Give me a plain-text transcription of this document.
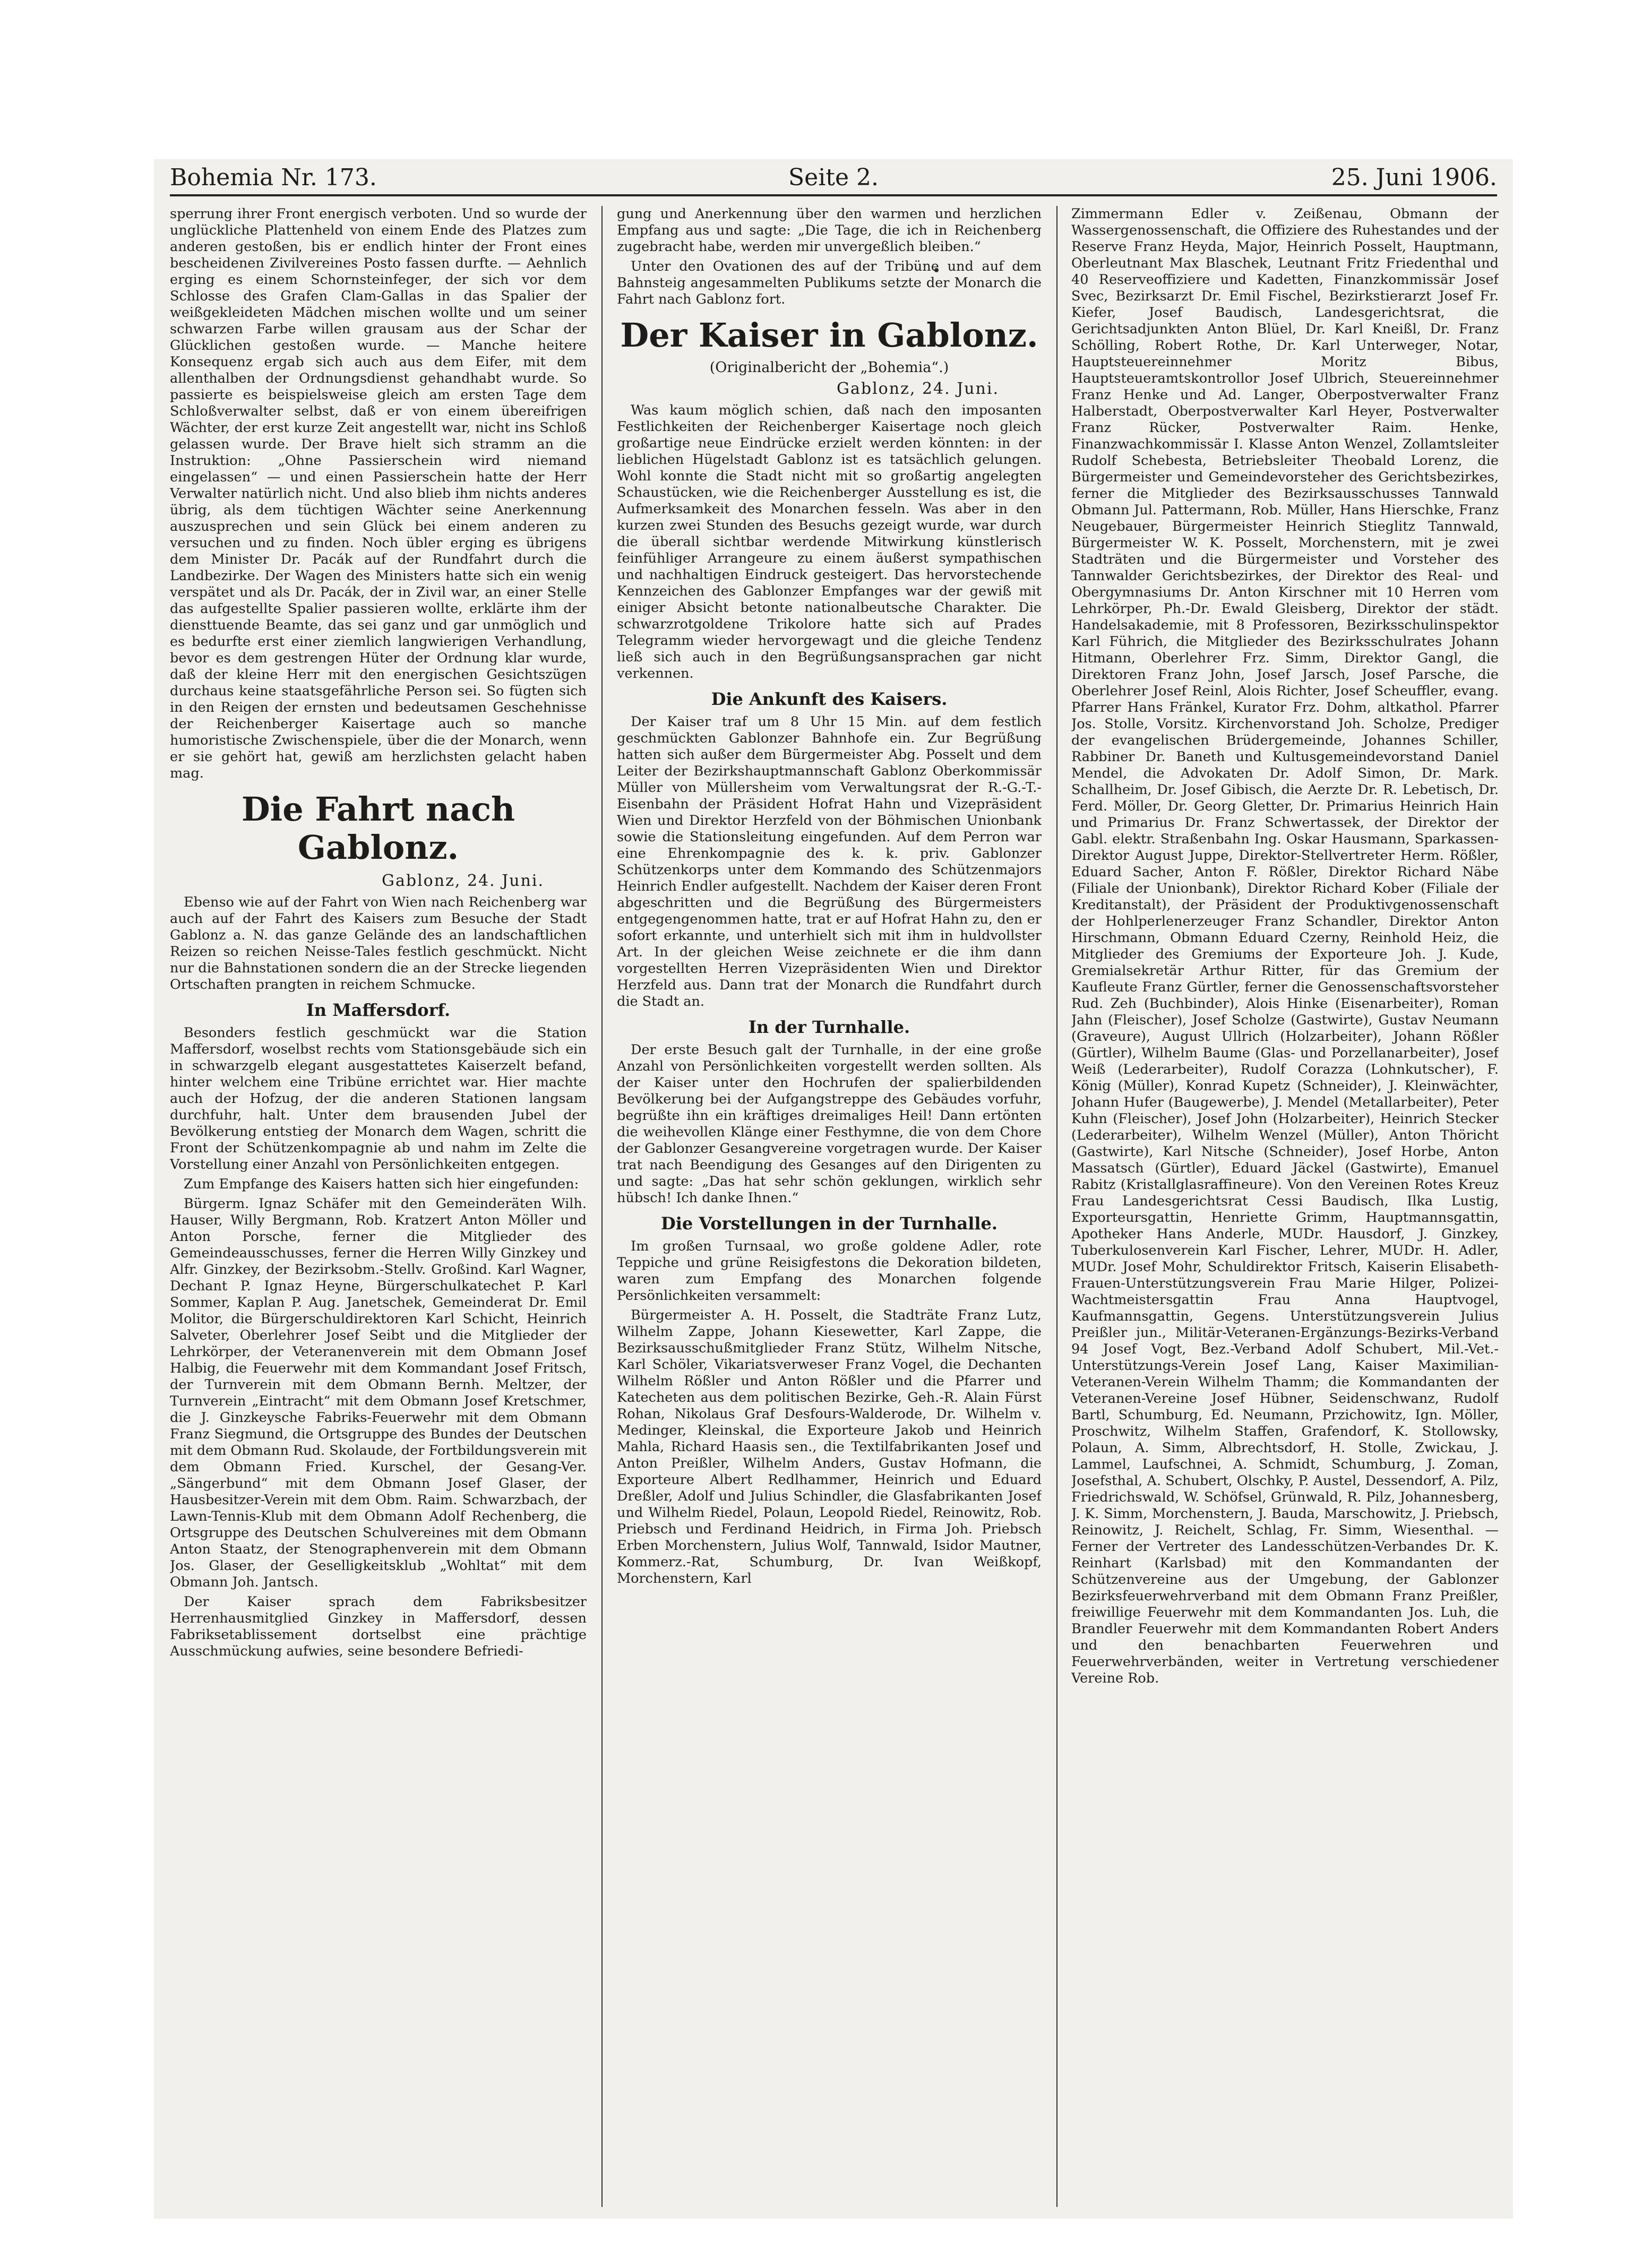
Bohemia Nr. 173.	Seite 2.	25. Juni 1906.

sperrung ihrer Front energisch verboten. Und so wurde der unglückliche Plattenheld von einem Ende des Platzes zum anderen gestoßen, bis er endlich hinter der Front eines bescheidenen Zivilvereines Posto fassen durfte. — Aehnlich erging es einem Schornsteinfeger, der sich vor dem Schlosse des Grafen Clam-Gallas in das Spalier der weißgekleideten Mädchen mischen wollte und um seiner schwarzen Farbe willen grausam aus der Schar der Glücklichen gestoßen wurde. — Manche heitere Konsequenz ergab sich auch aus dem Eifer, mit dem allenthalben der Ordnungsdienst gehandhabt wurde. So passierte es beispielsweise gleich am ersten Tage dem Schloßverwalter selbst, daß er von einem übereifrigen Wächter, der erst kurze Zeit angestellt war, nicht ins Schloß gelassen wurde. Der Brave hielt sich stramm an die Instruktion: „Ohne Passierschein wird niemand eingelassen“ — und einen Passierschein hatte der Herr Verwalter natürlich nicht. Und also blieb ihm nichts anderes übrig, als dem tüchtigen Wächter seine Anerkennung auszusprechen und sein Glück bei einem anderen zu versuchen und zu finden. Noch übler erging es übrigens dem Minister Dr. Pacák auf der Rundfahrt durch die Landbezirke. Der Wagen des Ministers hatte sich ein wenig verspätet und als Dr. Pacák, der in Zivil war, an einer Stelle das aufgestellte Spalier passieren wollte, erklärte ihm der diensttuende Beamte, das sei ganz und gar unmöglich und es bedurfte erst einer ziemlich langwierigen Verhandlung, bevor es dem gestrengen Hüter der Ordnung klar wurde, daß der kleine Herr mit den energischen Gesichtszügen durchaus keine staatsgefährliche Person sei. So fügten sich in den Reigen der ernsten und bedeutsamen Geschehnisse der Reichenberger Kaisertage auch so manche humoristische Zwischenspiele, über die der Monarch, wenn er sie gehört hat, gewiß am herzlichsten gelacht haben mag.

Die Fahrt nach Gablonz.
Gablonz, 24. Juni.

Ebenso wie auf der Fahrt von Wien nach Reichenberg war auch auf der Fahrt des Kaisers zum Besuche der Stadt Gablonz a. N. das ganze Gelände des an landschaftlichen Reizen so reichen Neisse-Tales festlich geschmückt. Nicht nur die Bahnstationen sondern die an der Strecke liegenden Ortschaften prangten in reichem Schmucke.

In Maffersdorf.

Besonders festlich geschmückt war die Station Maffersdorf, woselbst rechts vom Stationsgebäude sich ein in schwarzgelb elegant ausgestattetes Kaiserzelt befand, hinter welchem eine Tribüne errichtet war. Hier machte auch der Hofzug, der die anderen Stationen langsam durchfuhr, halt. Unter dem brausenden Jubel der Bevölkerung entstieg der Monarch dem Wagen, schritt die Front der Schützenkompagnie ab und nahm im Zelte die Vorstellung einer Anzahl von Persönlichkeiten entgegen.

Zum Empfange des Kaisers hatten sich hier eingefunden:

Bürgerm. Ignaz Schäfer mit den Gemeinderäten Wilh. Hauser, Willy Bergmann, Rob. Kratzert Anton Möller und Anton Porsche, ferner die Mitglieder des Gemeindeausschusses, ferner die Herren Willy Ginzkey und Alfr. Ginzkey, der Bezirksobm.-Stellv. Großind. Karl Wagner, Dechant P. Ignaz Heyne, Bürgerschulkatechet P. Karl Sommer, Kaplan P. Aug. Janetschek, Gemeinderat Dr. Emil Molitor, die Bürgerschuldirektoren Karl Schicht, Heinrich Salveter, Oberlehrer Josef Seibt und die Mitglieder der Lehrkörper, der Veteranenverein mit dem Obmann Josef Halbig, die Feuerwehr mit dem Kommandant Josef Fritsch, der Turnverein mit dem Obmann Bernh. Meltzer, der Turnverein „Eintracht“ mit dem Obmann Josef Kretschmer, die J. Ginzkeysche Fabriks-Feuerwehr mit dem Obmann Franz Siegmund, die Ortsgruppe des Bundes der Deutschen mit dem Obmann Rud. Skolaude, der Fortbildungsverein mit dem Obmann Fried. Kurschel, der Gesang-Ver. „Sängerbund“ mit dem Obmann Josef Glaser, der Hausbesitzer-Verein mit dem Obm. Raim. Schwarzbach, der Lawn-Tennis-Klub mit dem Obmann Adolf Rechenberg, die Ortsgruppe des Deutschen Schulvereines mit dem Obmann Anton Staatz, der Stenographenverein mit dem Obmann Jos. Glaser, der Geselligkeitsklub „Wohltat“ mit dem Obmann Joh. Jantsch.

Der Kaiser sprach dem Fabriksbesitzer Herrenhausmitglied Ginzkey in Maffersdorf, dessen Fabriksetablissement dortselbst eine prächtige Ausschmückung aufwies, seine besondere Befriedi-

gung und Anerkennung über den warmen und herzlichen Empfang aus und sagte: „Die Tage, die ich in Reichenberg zugebracht habe, werden mir unvergeßlich bleiben.“

Unter den Ovationen des auf der Tribüne und auf dem Bahnsteig angesammelten Publikums setzte der Monarch die Fahrt nach Gablonz fort.

Der Kaiser in Gablonz.
(Originalbericht der „Bohemia“.)
Gablonz, 24. Juni.

Was kaum möglich schien, daß nach den imposanten Festlichkeiten der Reichenberger Kaisertage noch gleich großartige neue Eindrücke erzielt werden könnten: in der lieblichen Hügelstadt Gablonz ist es tatsächlich gelungen. Wohl konnte die Stadt nicht mit so großartig angelegten Schaustücken, wie die Reichenberger Ausstellung es ist, die Aufmerksamkeit des Monarchen fesseln. Was aber in den kurzen zwei Stunden des Besuchs gezeigt wurde, war durch die überall sichtbar werdende Mitwirkung künstlerisch feinfühliger Arrangeure zu einem äußerst sympathischen und nachhaltigen Eindruck gesteigert. Das hervorstechende Kennzeichen des Gablonzer Empfanges war der gewiß mit einiger Absicht betonte nationalbeutsche Charakter. Die schwarzrotgoldene Trikolore hatte sich auf Prades Telegramm wieder hervorgewagt und die gleiche Tendenz ließ sich auch in den Begrüßungsansprachen gar nicht verkennen.

Die Ankunft des Kaisers.

Der Kaiser traf um 8 Uhr 15 Min. auf dem festlich geschmückten Gablonzer Bahnhofe ein. Zur Begrüßung hatten sich außer dem Bürgermeister Abg. Posselt und dem Leiter der Bezirkshauptmannschaft Gablonz Oberkommissär Müller von Müllersheim vom Verwaltungsrat der R.-G.-T.-Eisenbahn der Präsident Hofrat Hahn und Vizepräsident Wien und Direktor Herzfeld von der Böhmischen Unionbank sowie die Stationsleitung eingefunden. Auf dem Perron war eine Ehrenkompagnie des k. k. priv. Gablonzer Schützenkorps unter dem Kommando des Schützenmajors Heinrich Endler aufgestellt. Nachdem der Kaiser deren Front abgeschritten und die Begrüßung des Bürgermeisters entgegengenommen hatte, trat er auf Hofrat Hahn zu, den er sofort erkannte, und unterhielt sich mit ihm in huldvollster Art. In der gleichen Weise zeichnete er die ihm dann vorgestellten Herren Vizepräsidenten Wien und Direktor Herzfeld aus. Dann trat der Monarch die Rundfahrt durch die Stadt an.

In der Turnhalle.

Der erste Besuch galt der Turnhalle, in der eine große Anzahl von Persönlichkeiten vorgestellt werden sollten. Als der Kaiser unter den Hochrufen der spalierbildenden Bevölkerung bei der Aufgangstreppe des Gebäudes vorfuhr, begrüßte ihn ein kräftiges dreimaliges Heil! Dann ertönten die weihevollen Klänge einer Festhymne, die von dem Chore der Gablonzer Gesangvereine vorgetragen wurde. Der Kaiser trat nach Beendigung des Gesanges auf den Dirigenten zu und sagte: „Das hat sehr schön geklungen, wirklich sehr hübsch! Ich danke Ihnen.“

Die Vorstellungen in der Turnhalle.

Im großen Turnsaal, wo große goldene Adler, rote Teppiche und grüne Reisigfestons die Dekoration bildeten, waren zum Empfang des Monarchen folgende Persönlichkeiten versammelt:

Bürgermeister A. H. Posselt, die Stadträte Franz Lutz, Wilhelm Zappe, Johann Kiesewetter, Karl Zappe, die Bezirksausschußmitglieder Franz Stütz, Wilhelm Nitsche, Karl Schöler, Vikariatsverweser Franz Vogel, die Dechanten Wilhelm Rößler und Anton Rößler und die Pfarrer und Katecheten aus dem politischen Bezirke, Geh.-R. Alain Fürst Rohan, Nikolaus Graf Desfours-Walderode, Dr. Wilhelm v. Medinger, Kleinskal, die Exporteure Jakob und Heinrich Mahla, Richard Haasis sen., die Textilfabrikanten Josef und Anton Preißler, Wilhelm Anders, Gustav Hofmann, die Exporteure Albert Redlhammer, Heinrich und Eduard Dreßler, Adolf und Julius Schindler, die Glasfabrikanten Josef und Wilhelm Riedel, Polaun, Leopold Riedel, Reinowitz, Rob. Priebsch und Ferdinand Heidrich, in Firma Joh. Priebsch Erben Morchenstern, Julius Wolf, Tannwald, Isidor Mautner, Kommerz.-Rat, Schumburg, Dr. Ivan Weißkopf, Morchenstern, Karl

Zimmermann Edler v. Zeißenau, Obmann der Wassergenossenschaft, die Offiziere des Ruhestandes und der Reserve Franz Heyda, Major, Heinrich Posselt, Hauptmann, Oberleutnant Max Blaschek, Leutnant Fritz Friedenthal und 40 Reserveoffiziere und Kadetten, Finanzkommissär Josef Svec, Bezirksarzt Dr. Emil Fischel, Bezirkstierarzt Josef Fr. Kiefer, Josef Baudisch, Landesgerichtsrat, die Gerichtsadjunkten Anton Blüel, Dr. Karl Kneißl, Dr. Franz Schölling, Robert Rothe, Dr. Karl Unterweger, Notar, Hauptsteuereinnehmer Moritz Bibus, Hauptsteueramtskontrollor Josef Ulbrich, Steuereinnehmer Franz Henke und Ad. Langer, Oberpostverwalter Franz Halberstadt, Oberpostverwalter Karl Heyer, Postverwalter Franz Rücker, Postverwalter Raim. Henke, Finanzwachkommissär I. Klasse Anton Wenzel, Zollamtsleiter Rudolf Schebesta, Betriebsleiter Theobald Lorenz, die Bürgermeister und Gemeindevorsteher des Gerichtsbezirkes, ferner die Mitglieder des Bezirksausschusses Tannwald Obmann Jul. Pattermann, Rob. Müller, Hans Hierschke, Franz Neugebauer, Bürgermeister Heinrich Stieglitz Tannwald, Bürgermeister W. K. Posselt, Morchenstern, mit je zwei Stadträten und die Bürgermeister und Vorsteher des Tannwalder Gerichtsbezirkes, der Direktor des Real- und Obergymnasiums Dr. Anton Kirschner mit 10 Herren vom Lehrkörper, Ph.-Dr. Ewald Gleisberg, Direktor der städt. Handelsakademie, mit 8 Professoren, Bezirksschulinspektor Karl Führich, die Mitglieder des Bezirksschulrates Johann Hitmann, Oberlehrer Frz. Simm, Direktor Gangl, die Direktoren Franz John, Josef Jarsch, Josef Parsche, die Oberlehrer Josef Reinl, Alois Richter, Josef Scheuffler, evang. Pfarrer Hans Fränkel, Kurator Frz. Dohm, altkathol. Pfarrer Jos. Stolle, Vorsitz. Kirchenvorstand Joh. Scholze, Prediger der evangelischen Brüdergemeinde, Johannes Schiller, Rabbiner Dr. Baneth und Kultusgemeindevorstand Daniel Mendel, die Advokaten Dr. Adolf Simon, Dr. Mark. Schallheim, Dr. Josef Gibisch, die Aerzte Dr. R. Lebetisch, Dr. Ferd. Möller, Dr. Georg Gletter, Dr. Primarius Heinrich Hain und Primarius Dr. Franz Schwertassek, der Direktor der Gabl. elektr. Straßenbahn Ing. Oskar Hausmann, Sparkassen-Direktor August Juppe, Direktor-Stellvertreter Herm. Rößler, Eduard Sacher, Anton F. Rößler, Direktor Richard Näbe (Filiale der Unionbank), Direktor Richard Kober (Filiale der Kreditanstalt), der Präsident der Produktivgenossenschaft der Hohlperlenerzeuger Franz Schandler, Direktor Anton Hirschmann, Obmann Eduard Czerny, Reinhold Heiz, die Mitglieder des Gremiums der Exporteure Joh. J. Kude, Gremialsekretär Arthur Ritter, für das Gremium der Kaufleute Franz Gürtler, ferner die Genossenschaftsvorsteher Rud. Zeh (Buchbinder), Alois Hinke (Eisenarbeiter), Roman Jahn (Fleischer), Josef Scholze (Gastwirte), Gustav Neumann (Graveure), August Ullrich (Holzarbeiter), Johann Rößler (Gürtler), Wilhelm Baume (Glas- und Porzellanarbeiter), Josef Weiß (Lederarbeiter), Rudolf Corazza (Lohnkutscher), F. König (Müller), Konrad Kupetz (Schneider), J. Kleinwächter, Johann Hufer (Baugewerbe), J. Mendel (Metallarbeiter), Peter Kuhn (Fleischer), Josef John (Holzarbeiter), Heinrich Stecker (Lederarbeiter), Wilhelm Wenzel (Müller), Anton Thöricht (Gastwirte), Karl Nitsche (Schneider), Josef Horbe, Anton Massatsch (Gürtler), Eduard Jäckel (Gastwirte), Emanuel Rabitz (Kristallglasraffineure). Von den Vereinen Rotes Kreuz Frau Landesgerichtsrat Cessi Baudisch, Ilka Lustig, Exporteursgattin, Henriette Grimm, Hauptmannsgattin, Apotheker Hans Anderle, MUDr. Hausdorf, J. Ginzkey, Tuberkulosenverein Karl Fischer, Lehrer, MUDr. H. Adler, MUDr. Josef Mohr, Schuldirektor Fritsch, Kaiserin Elisabeth-Frauen-Unterstützungsverein Frau Marie Hilger, Polizei-Wachtmeistersgattin Frau Anna Hauptvogel, Kaufmannsgattin, Gegens. Unterstützungsverein Julius Preißler jun., Militär-Veteranen-Ergänzungs-Bezirks-Verband 94 Josef Vogt, Bez.-Verband Adolf Schubert, Mil.-Vet.-Unterstützungs-Verein Josef Lang, Kaiser Maximilian-Veteranen-Verein Wilhelm Thamm; die Kommandanten der Veteranen-Vereine Josef Hübner, Seidenschwanz, Rudolf Bartl, Schumburg, Ed. Neumann, Przichowitz, Ign. Möller, Proschwitz, Wilhelm Staffen, Grafendorf, K. Stollowsky, Polaun, A. Simm, Albrechtsdorf, H. Stolle, Zwickau, J. Lammel, Laufschnei, A. Schmidt, Schumburg, J. Zoman, Josefsthal, A. Schubert, Olschky, P. Austel, Dessendorf, A. Pilz, Friedrichswald, W. Schöfsel, Grünwald, R. Pilz, Johannesberg, J. K. Simm, Morchenstern, J. Bauda, Marschowitz, J. Priebsch, Reinowitz, J. Reichelt, Schlag, Fr. Simm, Wiesenthal. — Ferner der Vertreter des Landesschützen-Verbandes Dr. K. Reinhart (Karlsbad) mit den Kommandanten der Schützenvereine aus der Umgebung, der Gablonzer Bezirksfeuerwehrverband mit dem Obmann Franz Preißler, freiwillige Feuerwehr mit dem Kommandanten Jos. Luh, die Brandler Feuerwehr mit dem Kommandanten Robert Anders und den benachbarten Feuerwehren und Feuerwehrverbänden, weiter in Vertretung verschiedener Vereine Rob.
